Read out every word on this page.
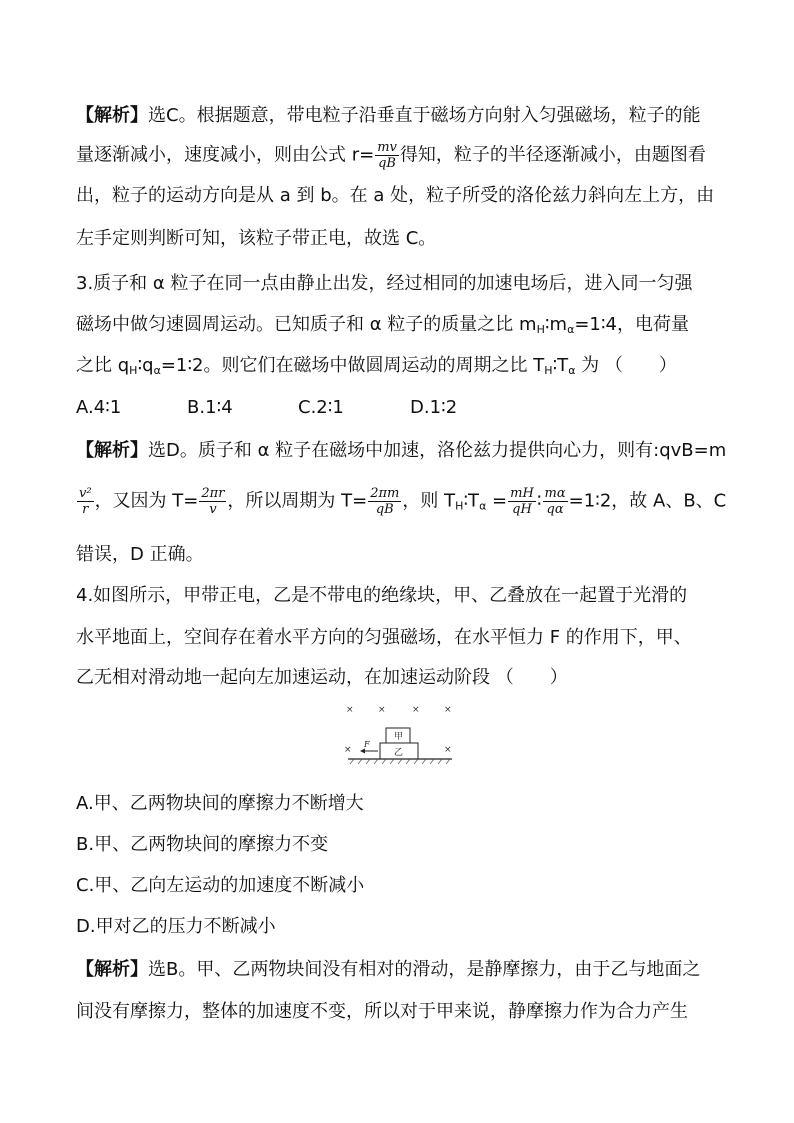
【解析】选C。根据题意，带电粒子沿垂直于磁场方向射入匀强磁场，粒子的能
量逐渐减小，速度减小，则由公式 $r= \frac{mv}{qB}$ 得知，粒子的半径逐渐减小，由题图看
出，粒子的运动方向是从 a 到 b。在 a 处，粒子所受的洛伦兹力斜向左上方，由
左手定则判断可知，该粒子带正电，故选 C。
3.质子和 α 粒子在同一点由静止出发，经过相同的加速电场后，进入同一匀强
磁场中做匀速圆周运动。已知质子和 α 粒子的质量之比 $m_H∶m_\alpha=1∶4$，电荷量
之比 $q_H∶q_\alpha=1∶2$。则它们在磁场中做圆周运动的周期之比 $T_H∶T_\alpha$ 为 （　　）
A.4∶1	B.1∶4	C.2∶1	D.1∶2
【解析】选D。质子和 α 粒子在磁场中加速，洛伦兹力提供向心力，则有:qvB=m
$\frac{\text{v²}}{r}$ ，又因为 $T= \frac{2\pi r}{v}$ ，所以周期为 $T= \frac{2\pi m}{qB}$ ，则 $T_H∶T_\alpha = \frac{mH}{qH}$ ∶ $\frac{m\alpha}{q\alpha}$ =1∶2，故 A、B、C
错误，D 正确。
4.如图所示，甲带正电，乙是不带电的绝缘块，甲、乙叠放在一起置于光滑的
水平地面上，空间存在着水平方向的匀强磁场，在水平恒力 F 的作用下，甲、
乙无相对滑动地一起向左加速运动，在加速运动阶段 （　　）
×	×	×	×
×	×
甲
乙
F
A.甲、乙两物块间的摩擦力不断增大
B.甲、乙两物块间的摩擦力不变
C.甲、乙向左运动的加速度不断减小
D.甲对乙的压力不断减小
【解析】选B。甲、乙两物块间没有相对的滑动，是静摩擦力，由于乙与地面之
间没有摩擦力，整体的加速度不变，所以对于甲来说，静摩擦力作为合力产生
